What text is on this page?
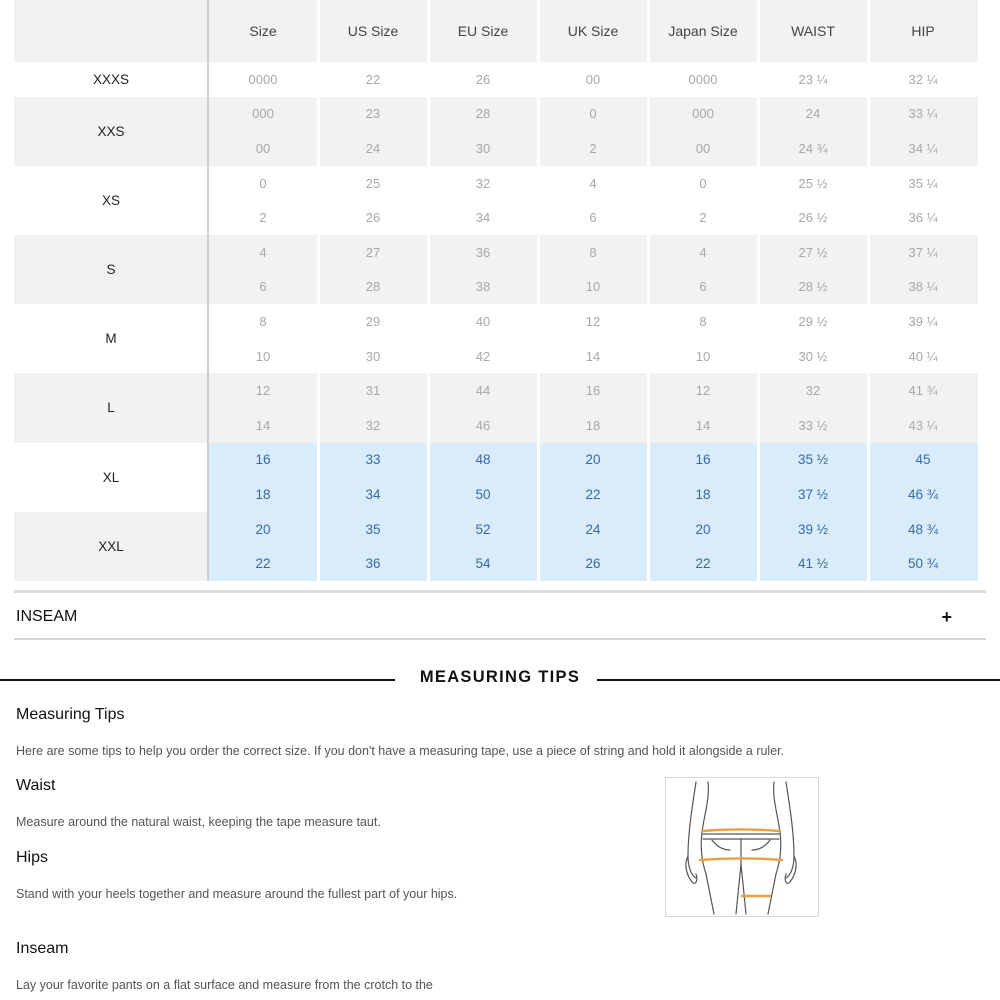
Size	US Size	EU Size	UK Size	Japan Size	WAIST	HIP
XXXS	0000	22	26	00	0000	23 ¼	32 ¼
XXS
000	23	28	0	000	24	33 ¼
00	24	30	2	00	24 ¾	34 ¼
XS
0	25	32	4	0	25 ½	35 ¼
2	26	34	6	2	26 ½	36 ¼
S
4	27	36	8	4	27 ½	37 ¼
6	28	38	10	6	28 ½	38 ¼
M
8	29	40	12	8	29 ½	39 ¼
10	30	42	14	10	30 ½	40 ¼
L
12	31	44	16	12	32	41 ¾
14	32	46	18	14	33 ½	43 ¼
XL
16	33	48	20	16	35 ½	45
18	34	50	22	18	37 ½	46 ¾
XXL
20	35	52	24	20	39 ½	48 ¾
22	36	54	26	22	41 ½	50 ¾
INSEAM	+
MEASURING TIPS
Measuring Tips
Here are some tips to help you order the correct size. If you don't have a measuring tape, use a piece of string and hold it alongside a ruler.
Waist
Measure around the natural waist, keeping the tape measure taut.
Hips
Stand with your heels together and measure around the fullest part of your hips.
Inseam
Lay your favorite pants on a flat surface and measure from the crotch to the
